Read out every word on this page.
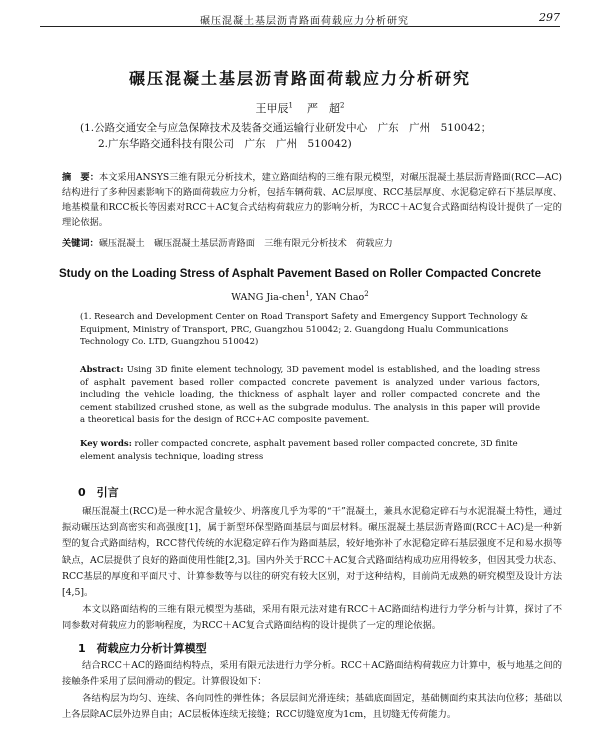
碾压混凝土基层沥青路面荷载应力分析研究	297
碾压混凝土基层沥青路面荷载应力分析研究
王甲辰$^1$ 严　超$^2$
(1.公路交通安全与应急保障技术及装备交通运输行业研发中心　广东　广州　510042；
2.广东华路交通科技有限公司　广东　广州　510042)
摘　要：本文采用ANSYS三维有限元分析技术，建立路面结构的三维有限元模型，对碾压混凝土基层沥青路面(RCC—AC)结构进行了多种因素影响下的路面荷载应力分析，包括车辆荷载、AC层厚度、RCC基层厚度、水泥稳定碎石下基层厚度、地基模量和RCC板长等因素对RCC＋AC复合式结构荷载应力的影响分析，为RCC＋AC复合式路面结构设计提供了一定的理论依据。
关键词：碾压混凝土　碾压混凝土基层沥青路面　三维有限元分析技术　荷载应力
Study on the Loading Stress of Asphalt Pavement Based on Roller Compacted Concrete
WANG Jia-chen$^1$, YAN Chao$^2$
(1. Research and Development Center on Road Transport Safety and Emergency Support Technology & Equipment, Ministry of Transport, PRC, Guangzhou 510042; 2. Guangdong Hualu Communications Technology Co. LTD, Guangzhou 510042)
Abstract: Using 3D finite element technology, 3D pavement model is established, and the loading stress of asphalt pavement based roller compacted concrete pavement is analyzed under various factors, including the vehicle loading, the thickness of asphalt layer and roller compacted concrete and the cement stabilized crushed stone, as well as the subgrade modulus. The analysis in this paper will provide a theoretical basis for the design of RCC+AC composite pavement.
Key words: roller compacted concrete, asphalt pavement based roller compacted concrete, 3D finite element analysis technique, loading stress
0　引言
碾压混凝土(RCC)是一种水泥含量较少、坍落度几乎为零的“干”混凝土，兼具水泥稳定碎石与水泥混凝土特性，通过振动碾压达到高密实和高强度[1]，属于新型环保型路面基层与面层材料。碾压混凝土基层沥青路面(RCC＋AC)是一种新型的复合式路面结构，RCC替代传统的水泥稳定碎石作为路面基层，较好地弥补了水泥稳定碎石基层强度不足和易水损等缺点，AC层提供了良好的路面使用性能[2,3]。国内外关于RCC＋AC复合式路面结构成功应用得较多，但因其受力状态、RCC基层的厚度和平面尺寸、计算参数等与以往的研究有较大区别，对于这种结构，目前尚无成熟的研究模型及设计方法[4,5]。
本文以路面结构的三维有限元模型为基础，采用有限元法对建有RCC＋AC路面结构进行力学分析与计算，探讨了不同参数对荷载应力的影响程度，为RCC＋AC复合式路面结构的设计提供了一定的理论依据。
1　荷载应力分析计算模型
结合RCC＋AC的路面结构特点，采用有限元法进行力学分析。RCC＋AC路面结构荷载应力计算中，板与地基之间的接触条件采用了层间滑动的假定。计算假设如下：
各结构层为均匀、连续、各向同性的弹性体；各层层间光滑连续；基础底面固定，基础侧面约束其法向位移；基础以上各层除AC层外边界自由；AC层板体连续无接缝；RCC切缝宽度为1cm，且切缝无传荷能力。
